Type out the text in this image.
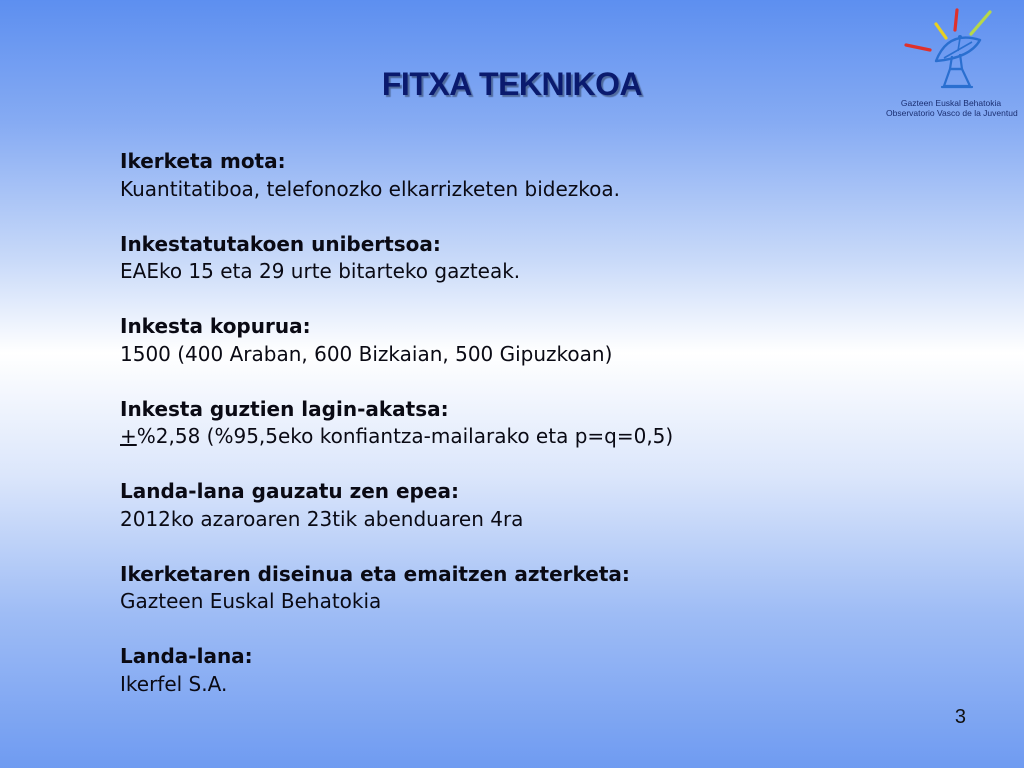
Gazteen Euskal Behatokia
Observatorio Vasco de la Juventud
FITXA TEKNIKOA
Ikerketa mota:
Kuantitatiboa, telefonozko elkarrizketen bidezkoa.
Inkestatutakoen unibertsoa:
EAEko 15 eta 29 urte bitarteko gazteak.
Inkesta kopurua:
1500 (400 Araban, 600 Bizkaian, 500 Gipuzkoan)
Inkesta guztien lagin-akatsa:
+%2,58 (%95,5eko konfiantza-mailarako eta p=q=0,5)
Landa-lana gauzatu zen epea:
2012ko azaroaren 23tik abenduaren 4ra
Ikerketaren diseinua eta emaitzen azterketa:
Gazteen Euskal Behatokia
Landa-lana:
Ikerfel S.A.
3
